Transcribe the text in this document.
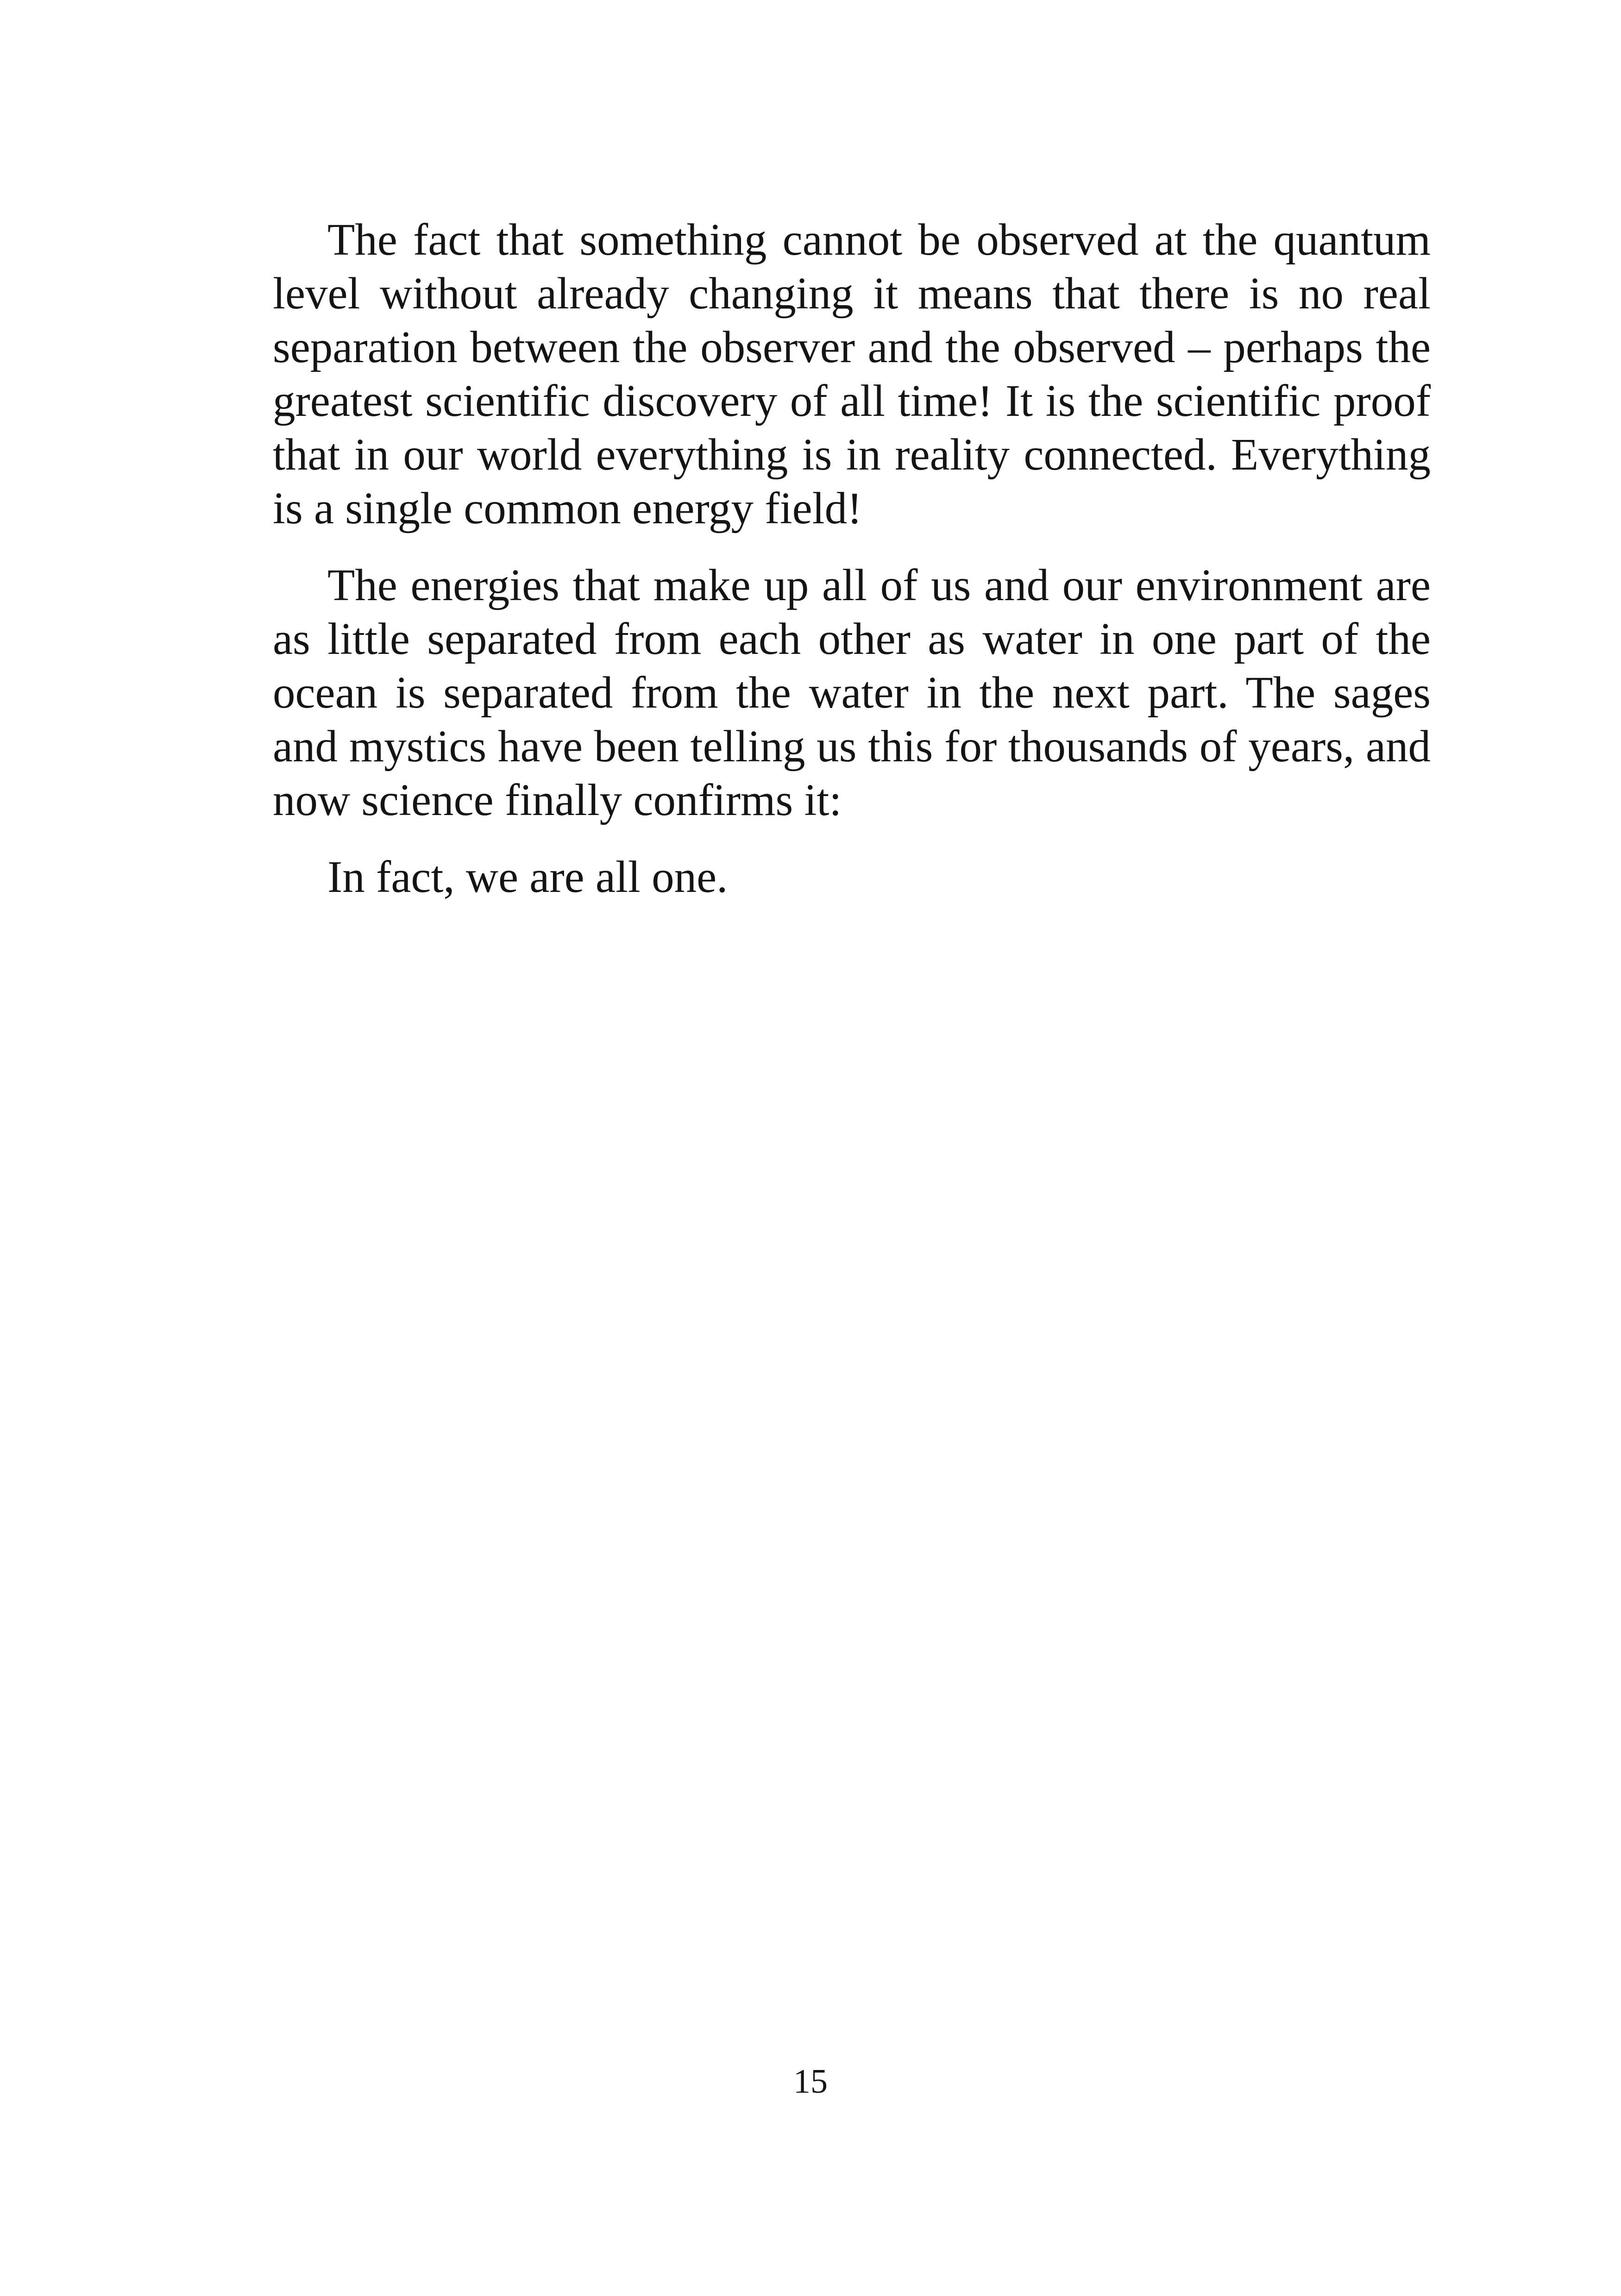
The fact that something cannot be observed at the quantum level without already changing it means that there is no real separation between the observer and the observed – perhaps the greatest scientific discovery of all time! It is the scientific proof that in our world everything is in reality connected. Everything is a single common energy field!

The energies that make up all of us and our environment are as little separated from each other as water in one part of the ocean is separated from the water in the next part. The sages and mystics have been telling us this for thousands of years, and now science finally confirms it:

In fact, we are all one.

15
